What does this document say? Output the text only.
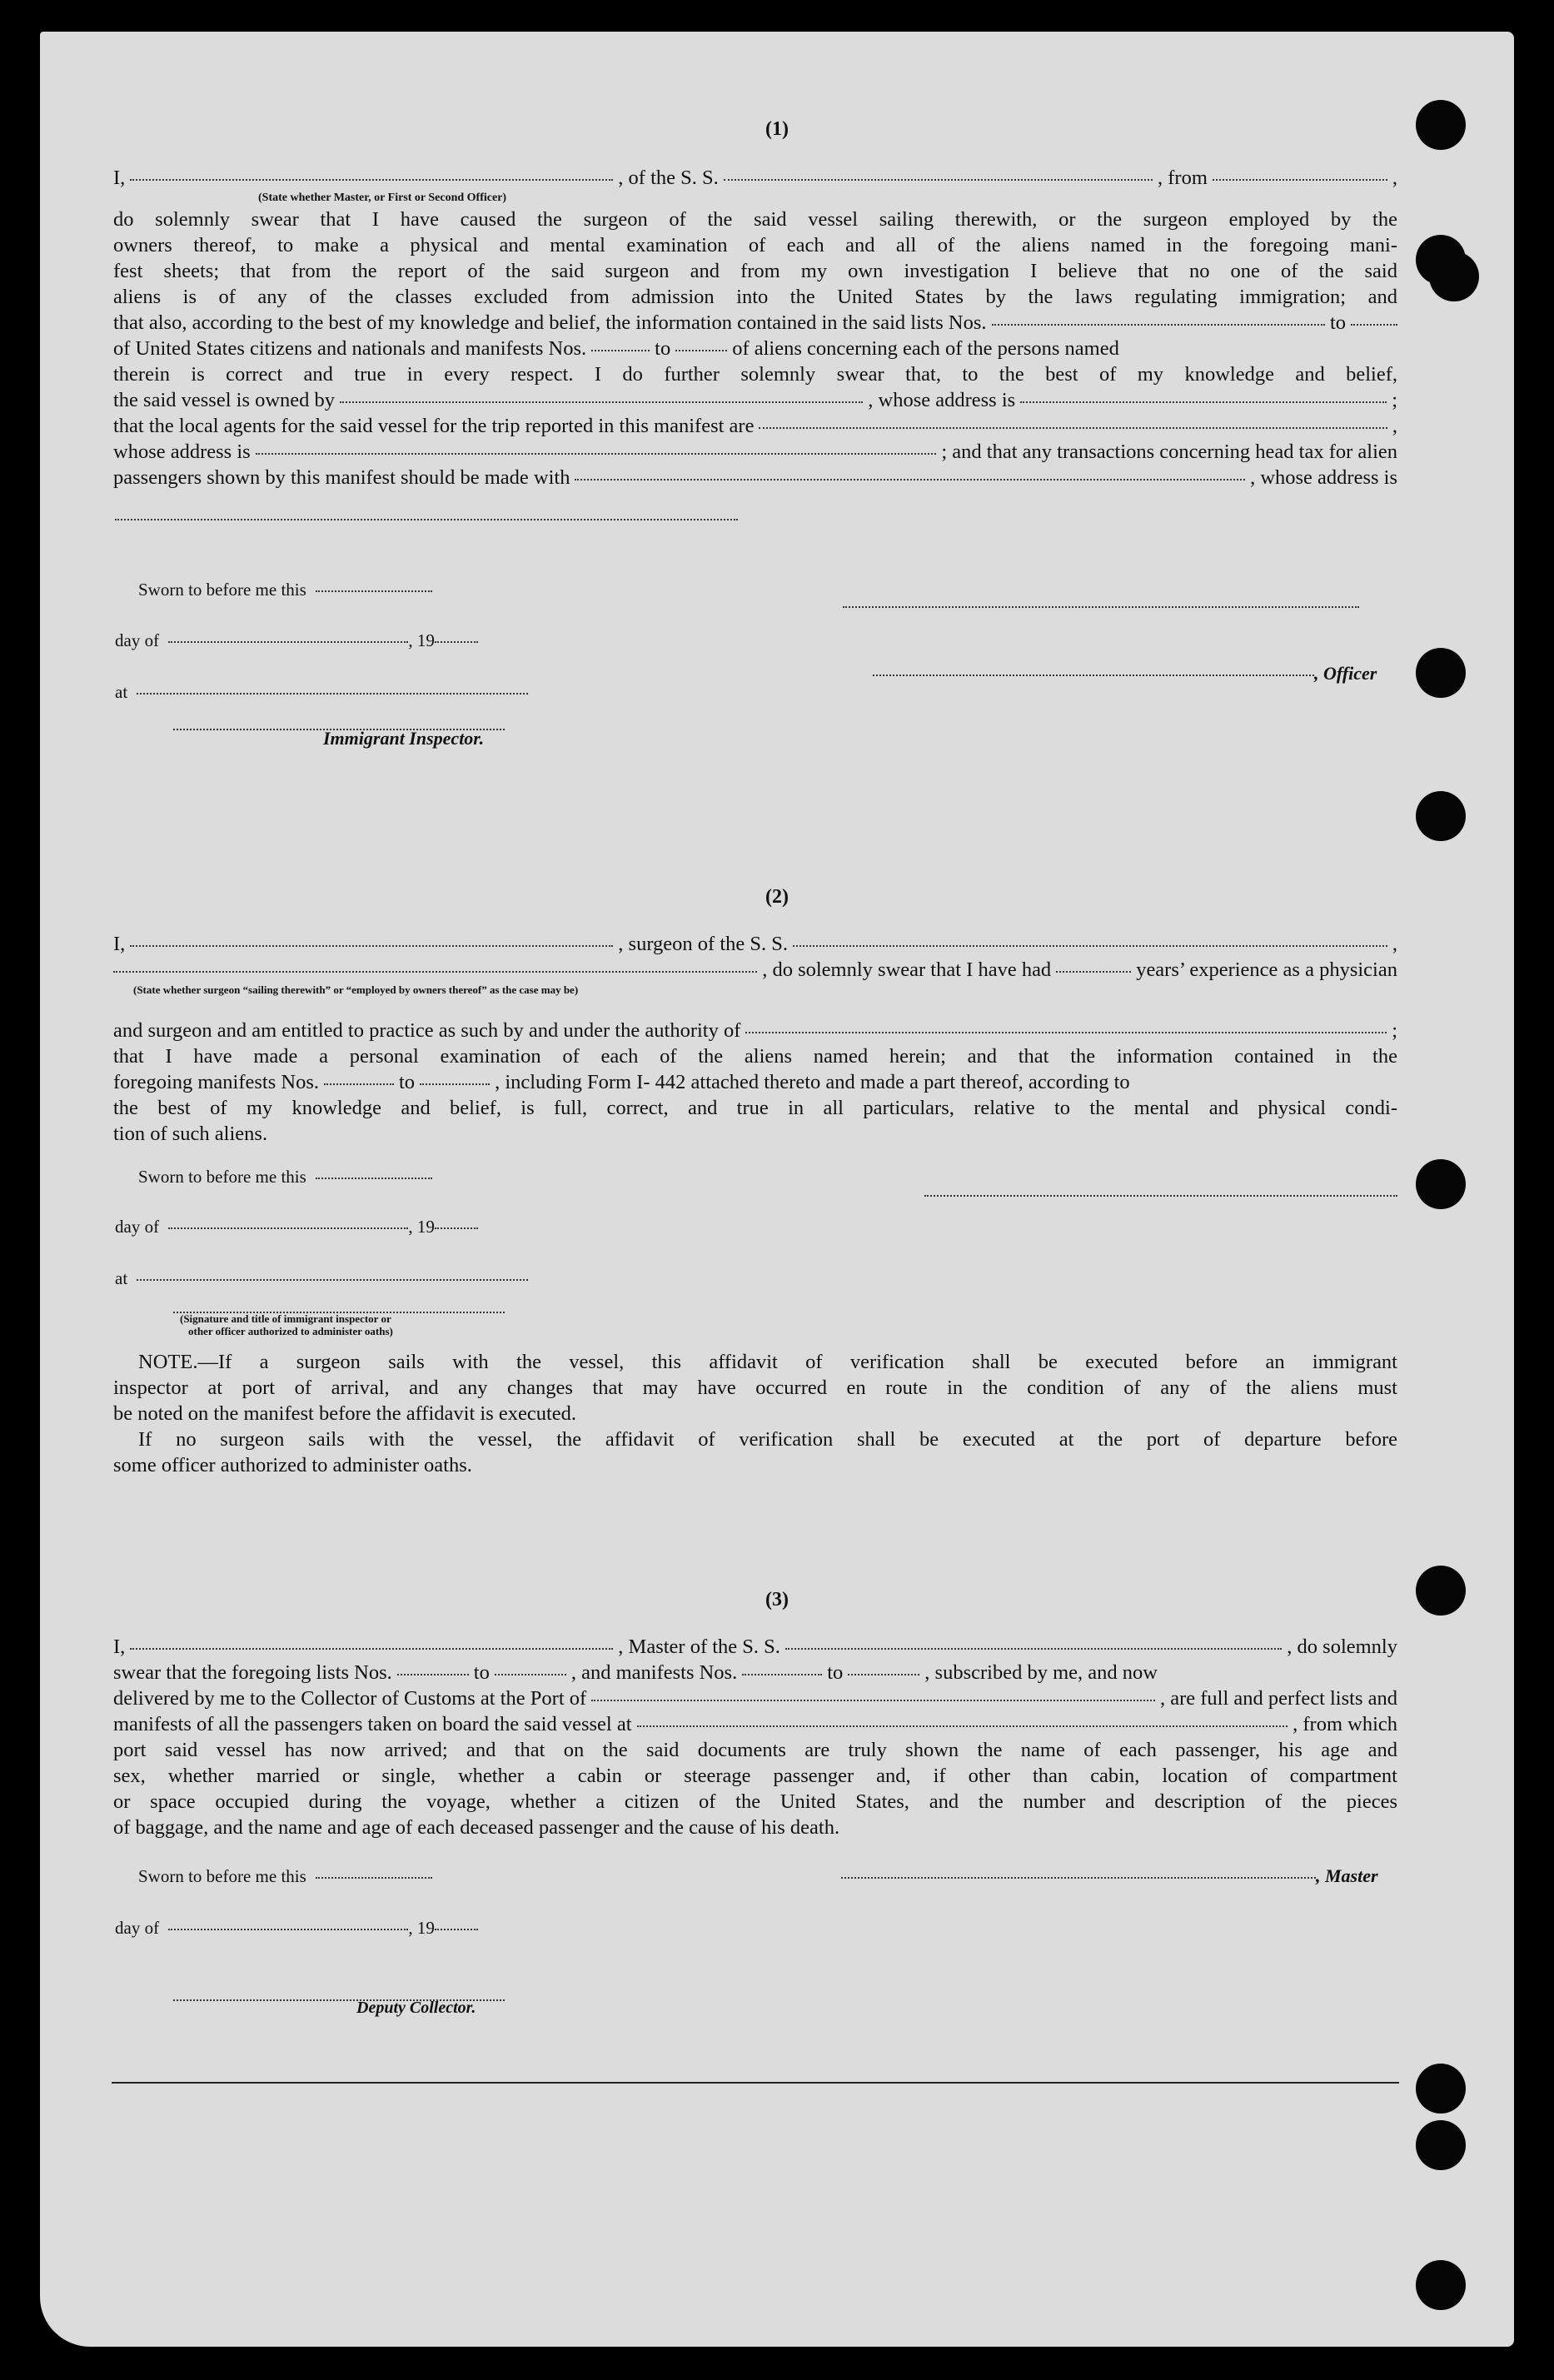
(1)
I,	, of the S. S.	, from	,
(State whether Master, or First or Second Officer)
do solemnly swear that I have caused the surgeon of the said vessel sailing therewith, or the surgeon employed by the
owners thereof, to make a physical and mental examination of each and all of the aliens named in the foregoing mani-
fest sheets; that from the report of the said surgeon and from my own investigation I believe that no one of the said
aliens is of any of the classes excluded from admission into the United States by the laws regulating immigration; and
that also, according to the best of my knowledge and belief, the information contained in the said lists Nos.	to
of United States citizens and nationals and manifests Nos.	to	of aliens concerning each of the persons named
therein is correct and true in every respect. I do further solemnly swear that, to the best of my knowledge and belief,
the said vessel is owned by	, whose address is	;
that the local agents for the said vessel for the trip reported in this manifest are	,
whose address is	; and that any transactions concerning head tax for alien
passengers shown by this manifest should be made with	, whose address is
Sworn to before me this
day of	, 19
, Officer
at
Immigrant Inspector.
(2)
I,	, surgeon of the S. S.	,
, do solemnly swear that I have had	years’ experience as a physician
(State whether surgeon “sailing therewith” or “employed by owners thereof” as the case may be)
and surgeon and am entitled to practice as such by and under the authority of	;
that I have made a personal examination of each of the aliens named herein; and that the information contained in the
foregoing manifests Nos.	to	, including Form I- 442 attached thereto and made a part thereof, according to
the best of my knowledge and belief, is full, correct, and true in all particulars, relative to the mental and physical condi-
tion of such aliens.
Sworn to before me this
day of	, 19
at
(Signature and title of immigrant inspector or
other officer authorized to administer oaths)
NOTE.—If a surgeon sails with the vessel, this affidavit of verification shall be executed before an immigrant
inspector at port of arrival, and any changes that may have occurred en route in the condition of any of the aliens must
be noted on the manifest before the affidavit is executed.
If no surgeon sails with the vessel, the affidavit of verification shall be executed at the port of departure before
some officer authorized to administer oaths.
(3)
I,	, Master of the S. S.	, do solemnly
swear that the foregoing lists Nos.	to	, and manifests Nos.	to	, subscribed by me, and now
delivered by me to the Collector of Customs at the Port of	, are full and perfect lists and
manifests of all the passengers taken on board the said vessel at	, from which
port said vessel has now arrived; and that on the said documents are truly shown the name of each passenger, his age and
sex, whether married or single, whether a cabin or steerage passenger and, if other than cabin, location of compartment
or space occupied during the voyage, whether a citizen of the United States, and the number and description of the pieces
of baggage, and the name and age of each deceased passenger and the cause of his death.
Sworn to before me this	, Master
day of	, 19
Deputy Collector.
